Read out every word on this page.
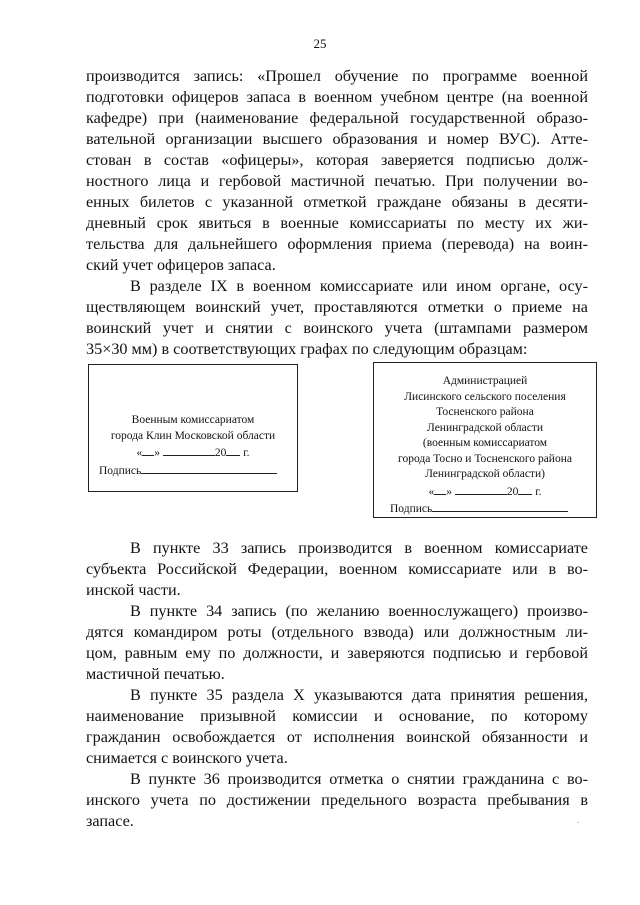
25
производится запись: «Прошел обучение по программе военной
подготовки офицеров запаса в военном учебном центре (на военной
кафедре) при (наименование федеральной государственной образо-
вательной организации высшего образования и номер ВУС). Атте-
стован в состав «офицеры», которая заверяется подписью долж-
ностного лица и гербовой мастичной печатью. При получении во-
енных билетов с указанной отметкой граждане обязаны в десяти-
дневный срок явиться в военные комиссариаты по месту их жи-
тельства для дальнейшего оформления приема (перевода) на воин-
ский учет офицеров запаса.
В разделе IX в военном комиссариате или ином органе, осу-
ществляющем воинский учет, проставляются отметки о приеме на
воинский учет и снятии с воинского учета (штампами размером
35×30 мм) в соответствующих графах по следующим образцам:
Военным комиссариатом
города Клин Московской области
« »	20 г.
Подпись
Администрацией
Лисинского сельского поселения
Тосненского района
Ленинградской области
(военным комиссариатом
города Тосно и Тосненского района
Ленинградской области)
« »	20 г.
Подпись
В пункте 33 запись производится в военном комиссариате
субъекта Российской Федерации, военном комиссариате или в во-
инской части.
В пункте 34 запись (по желанию военнослужащего) произво-
дятся командиром роты (отдельного взвода) или должностным ли-
цом, равным ему по должности, и заверяются подписью и гербовой
мастичной печатью.
В пункте 35 раздела X указываются дата принятия решения,
наименование призывной комиссии и основание, по которому
гражданин освобождается от исполнения воинской обязанности и
снимается с воинского учета.
В пункте 36 производится отметка о снятии гражданина с во-
инского учета по достижении предельного возраста пребывания в
запасе.	·
